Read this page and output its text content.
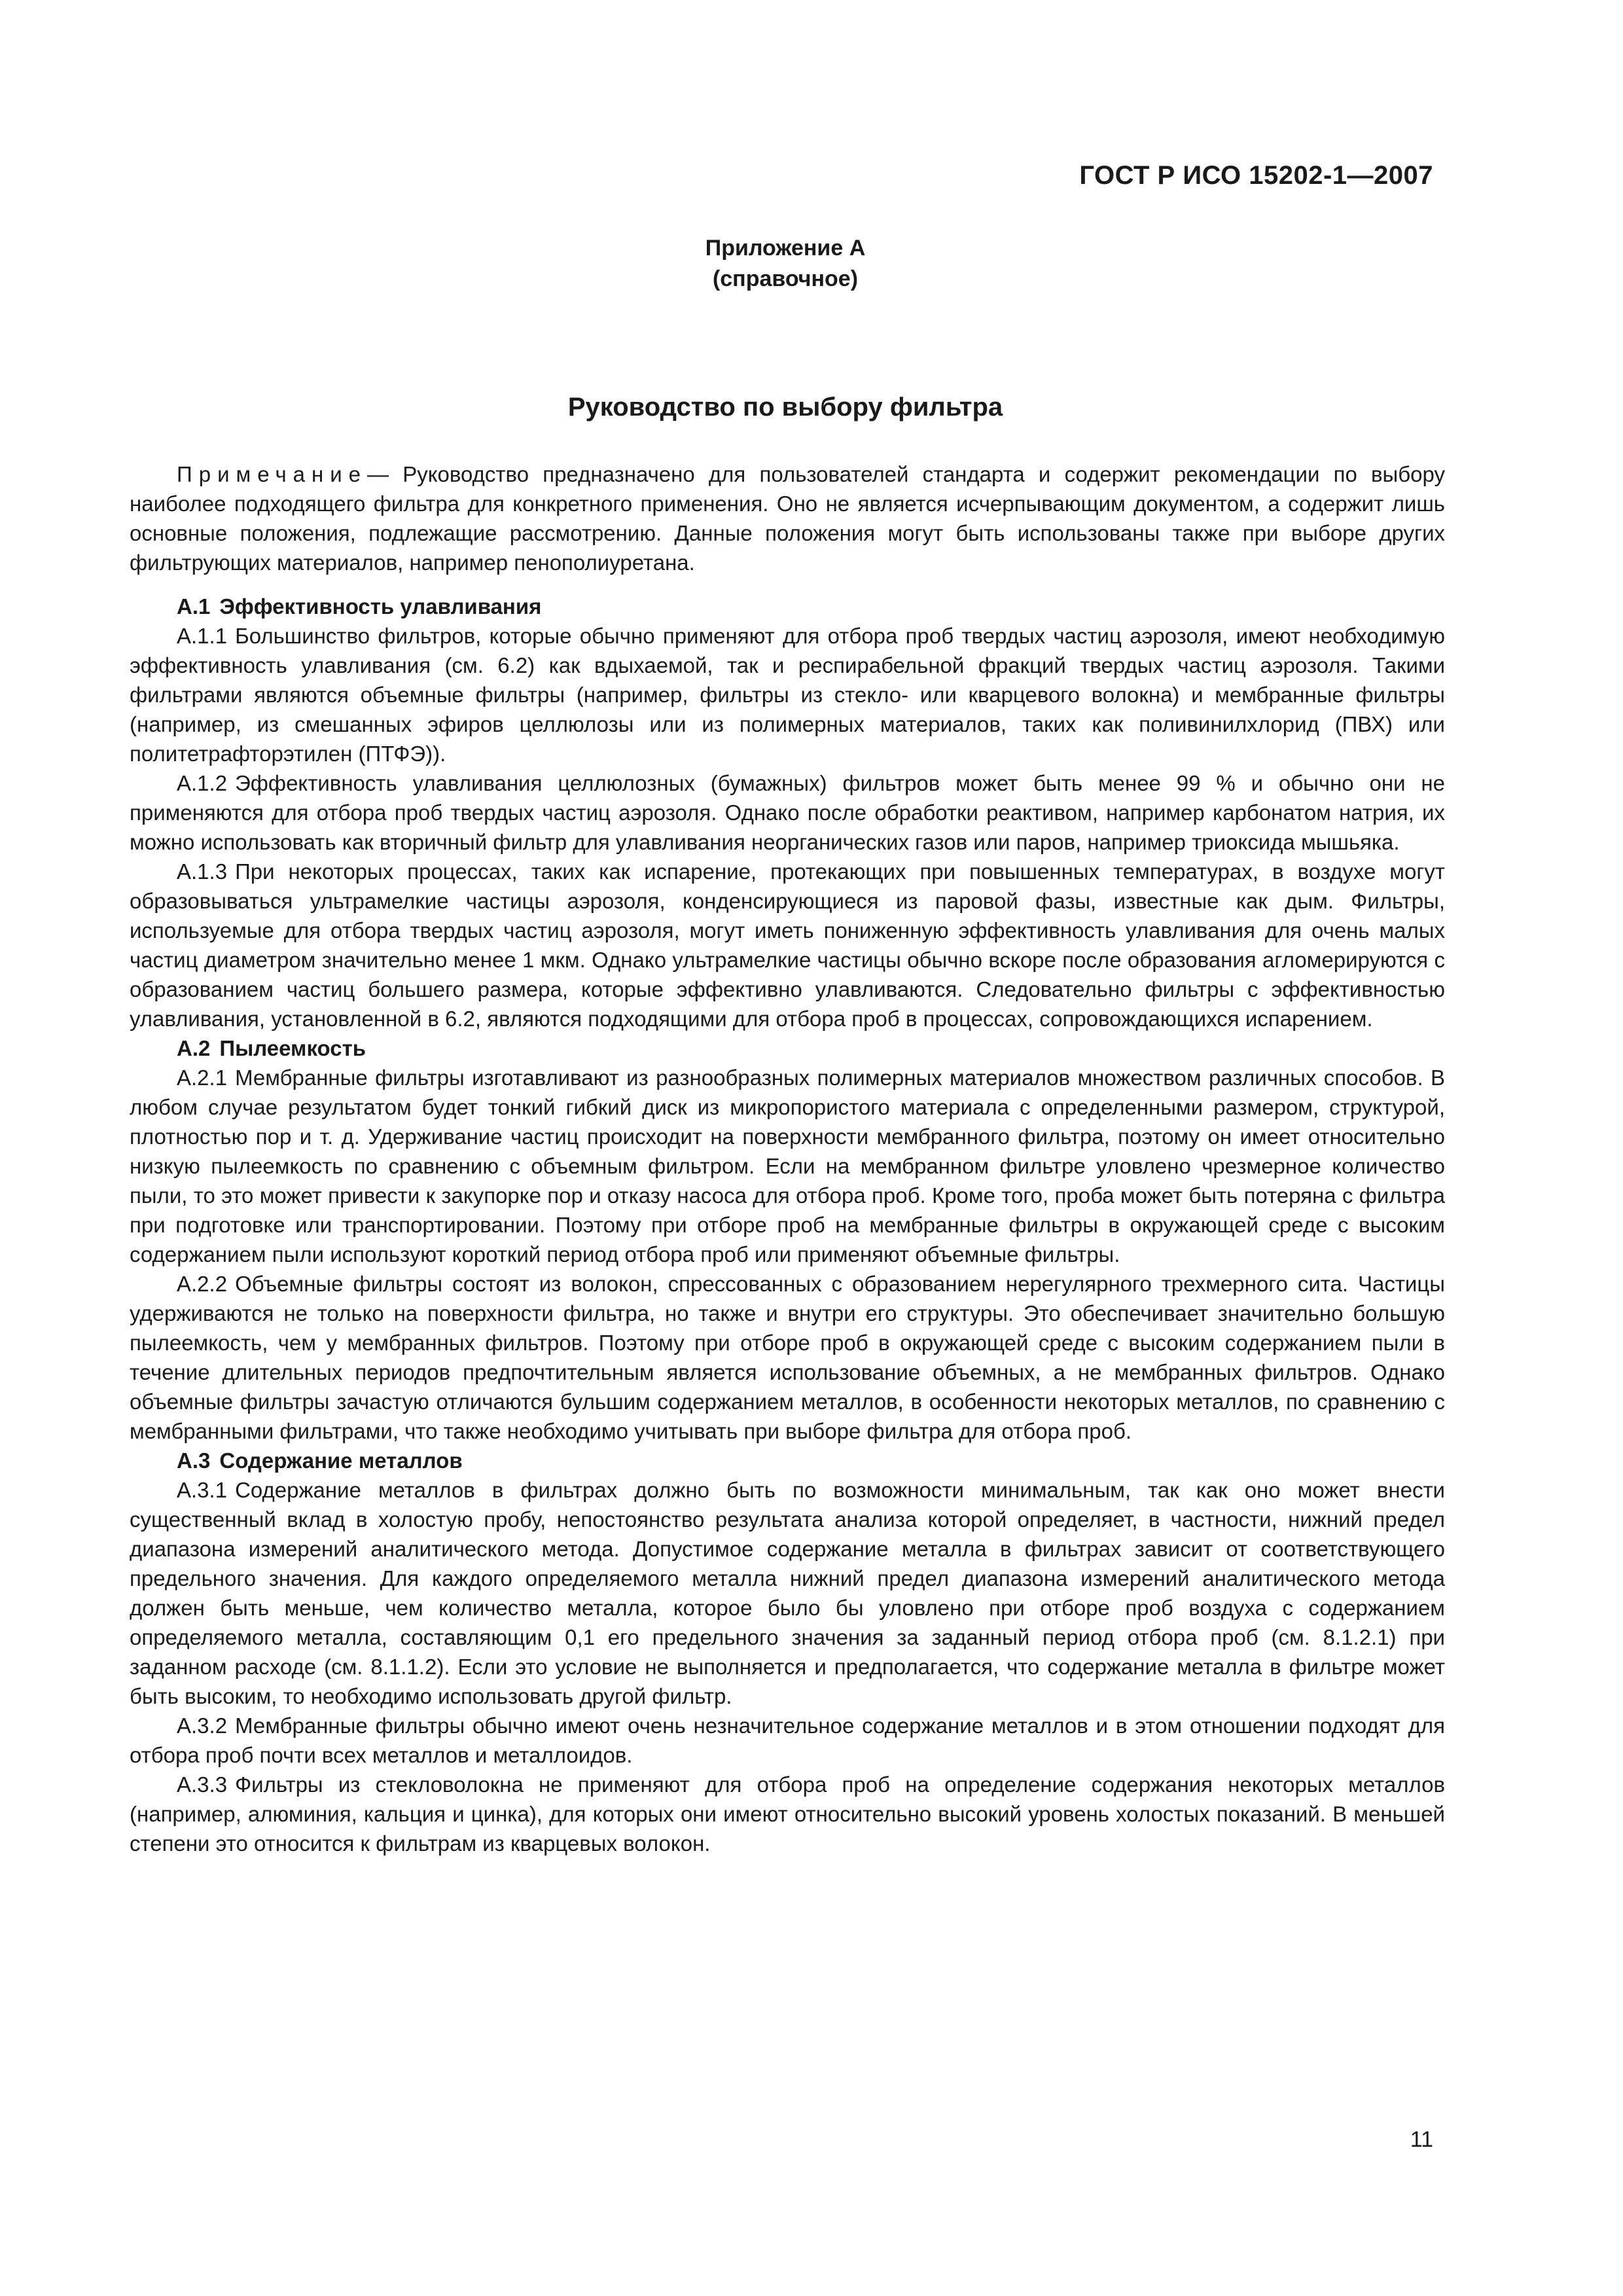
ГОСТ Р ИСО 15202-1—2007
Приложение А
(справочное)
Руководство по выбору фильтра

Примечание— Руководство предназначено для пользователей стандарта и содержит рекомендации по выбору наиболее подходящего фильтра для конкретного применения. Оно не является исчерпывающим документом, а содержит лишь основные положения, подлежащие рассмотрению. Данные положения могут быть использованы также при выборе других фильтрующих материалов, например пенополиуретана.

А.1 Эффективность улавливания

А.1.1 Большинство фильтров, которые обычно применяют для отбора проб твердых частиц аэрозоля, имеют необходимую эффективность улавливания (см. 6.2) как вдыхаемой, так и респирабельной фракций твердых частиц аэрозоля. Такими фильтрами являются объемные фильтры (например, фильтры из стекло- или кварцевого волокна) и мембранные фильтры (например, из смешанных эфиров целлюлозы или из полимерных материалов, таких как поливинилхлорид (ПВХ) или политетрафторэтилен (ПТФЭ)).

А.1.2 Эффективность улавливания целлюлозных (бумажных) фильтров может быть менее 99 % и обычно они не применяются для отбора проб твердых частиц аэрозоля. Однако после обработки реактивом, например карбонатом натрия, их можно использовать как вторичный фильтр для улавливания неорганических газов или паров, например триоксида мышьяка.

А.1.3 При некоторых процессах, таких как испарение, протекающих при повышенных температурах, в воздухе могут образовываться ультрамелкие частицы аэрозоля, конденсирующиеся из паровой фазы, известные как дым. Фильтры, используемые для отбора твердых частиц аэрозоля, могут иметь пониженную эффективность улавливания для очень малых частиц диаметром значительно менее 1 мкм. Однако ультрамелкие частицы обычно вскоре после образования агломерируются с образованием частиц большего размера, которые эффективно улавливаются. Следовательно фильтры с эффективностью улавливания, установленной в 6.2, являются подходящими для отбора проб в процессах, сопровождающихся испарением.

А.2 Пылеемкость

А.2.1 Мембранные фильтры изготавливают из разнообразных полимерных материалов множеством различных способов. В любом случае результатом будет тонкий гибкий диск из микропористого материала с определенными размером, структурой, плотностью пор и т. д. Удерживание частиц происходит на поверхности мембранного фильтра, поэтому он имеет относительно низкую пылеемкость по сравнению с объемным фильтром. Если на мембранном фильтре уловлено чрезмерное количество пыли, то это может привести к закупорке пор и отказу насоса для отбора проб. Кроме того, проба может быть потеряна с фильтра при подготовке или транспортировании. Поэтому при отборе проб на мембранные фильтры в окружающей среде с высоким содержанием пыли используют короткий период отбора проб или применяют объемные фильтры.

А.2.2 Объемные фильтры состоят из волокон, спрессованных с образованием нерегулярного трехмерного сита. Частицы удерживаются не только на поверхности фильтра, но также и внутри его структуры. Это обеспечивает значительно большую пылеемкость, чем у мембранных фильтров. Поэтому при отборе проб в окружающей среде с высоким содержанием пыли в течение длительных периодов предпочтительным является использование объемных, а не мембранных фильтров. Однако объемные фильтры зачастую отличаются бульшим содержанием металлов, в особенности некоторых металлов, по сравнению с мембранными фильтрами, что также необходимо учитывать при выборе фильтра для отбора проб.

А.3 Содержание металлов

А.3.1 Содержание металлов в фильтрах должно быть по возможности минимальным, так как оно может внести существенный вклад в холостую пробу, непостоянство результата анализа которой определяет, в частности, нижний предел диапазона измерений аналитического метода. Допустимое содержание металла в фильтрах зависит от соответствующего предельного значения. Для каждого определяемого металла нижний предел диапазона измерений аналитического метода должен быть меньше, чем количество металла, которое было бы уловлено при отборе проб воздуха с содержанием определяемого металла, составляющим 0,1 его предельного значения за заданный период отбора проб (см. 8.1.2.1) при заданном расходе (см. 8.1.1.2). Если это условие не выполняется и предполагается, что содержание металла в фильтре может быть высоким, то необходимо использовать другой фильтр.

А.3.2 Мембранные фильтры обычно имеют очень незначительное содержание металлов и в этом отношении подходят для отбора проб почти всех металлов и металлоидов.

А.3.3 Фильтры из стекловолокна не применяют для отбора проб на определение содержания некоторых металлов (например, алюминия, кальция и цинка), для которых они имеют относительно высокий уровень холостых показаний. В меньшей степени это относится к фильтрам из кварцевых волокон.

11
